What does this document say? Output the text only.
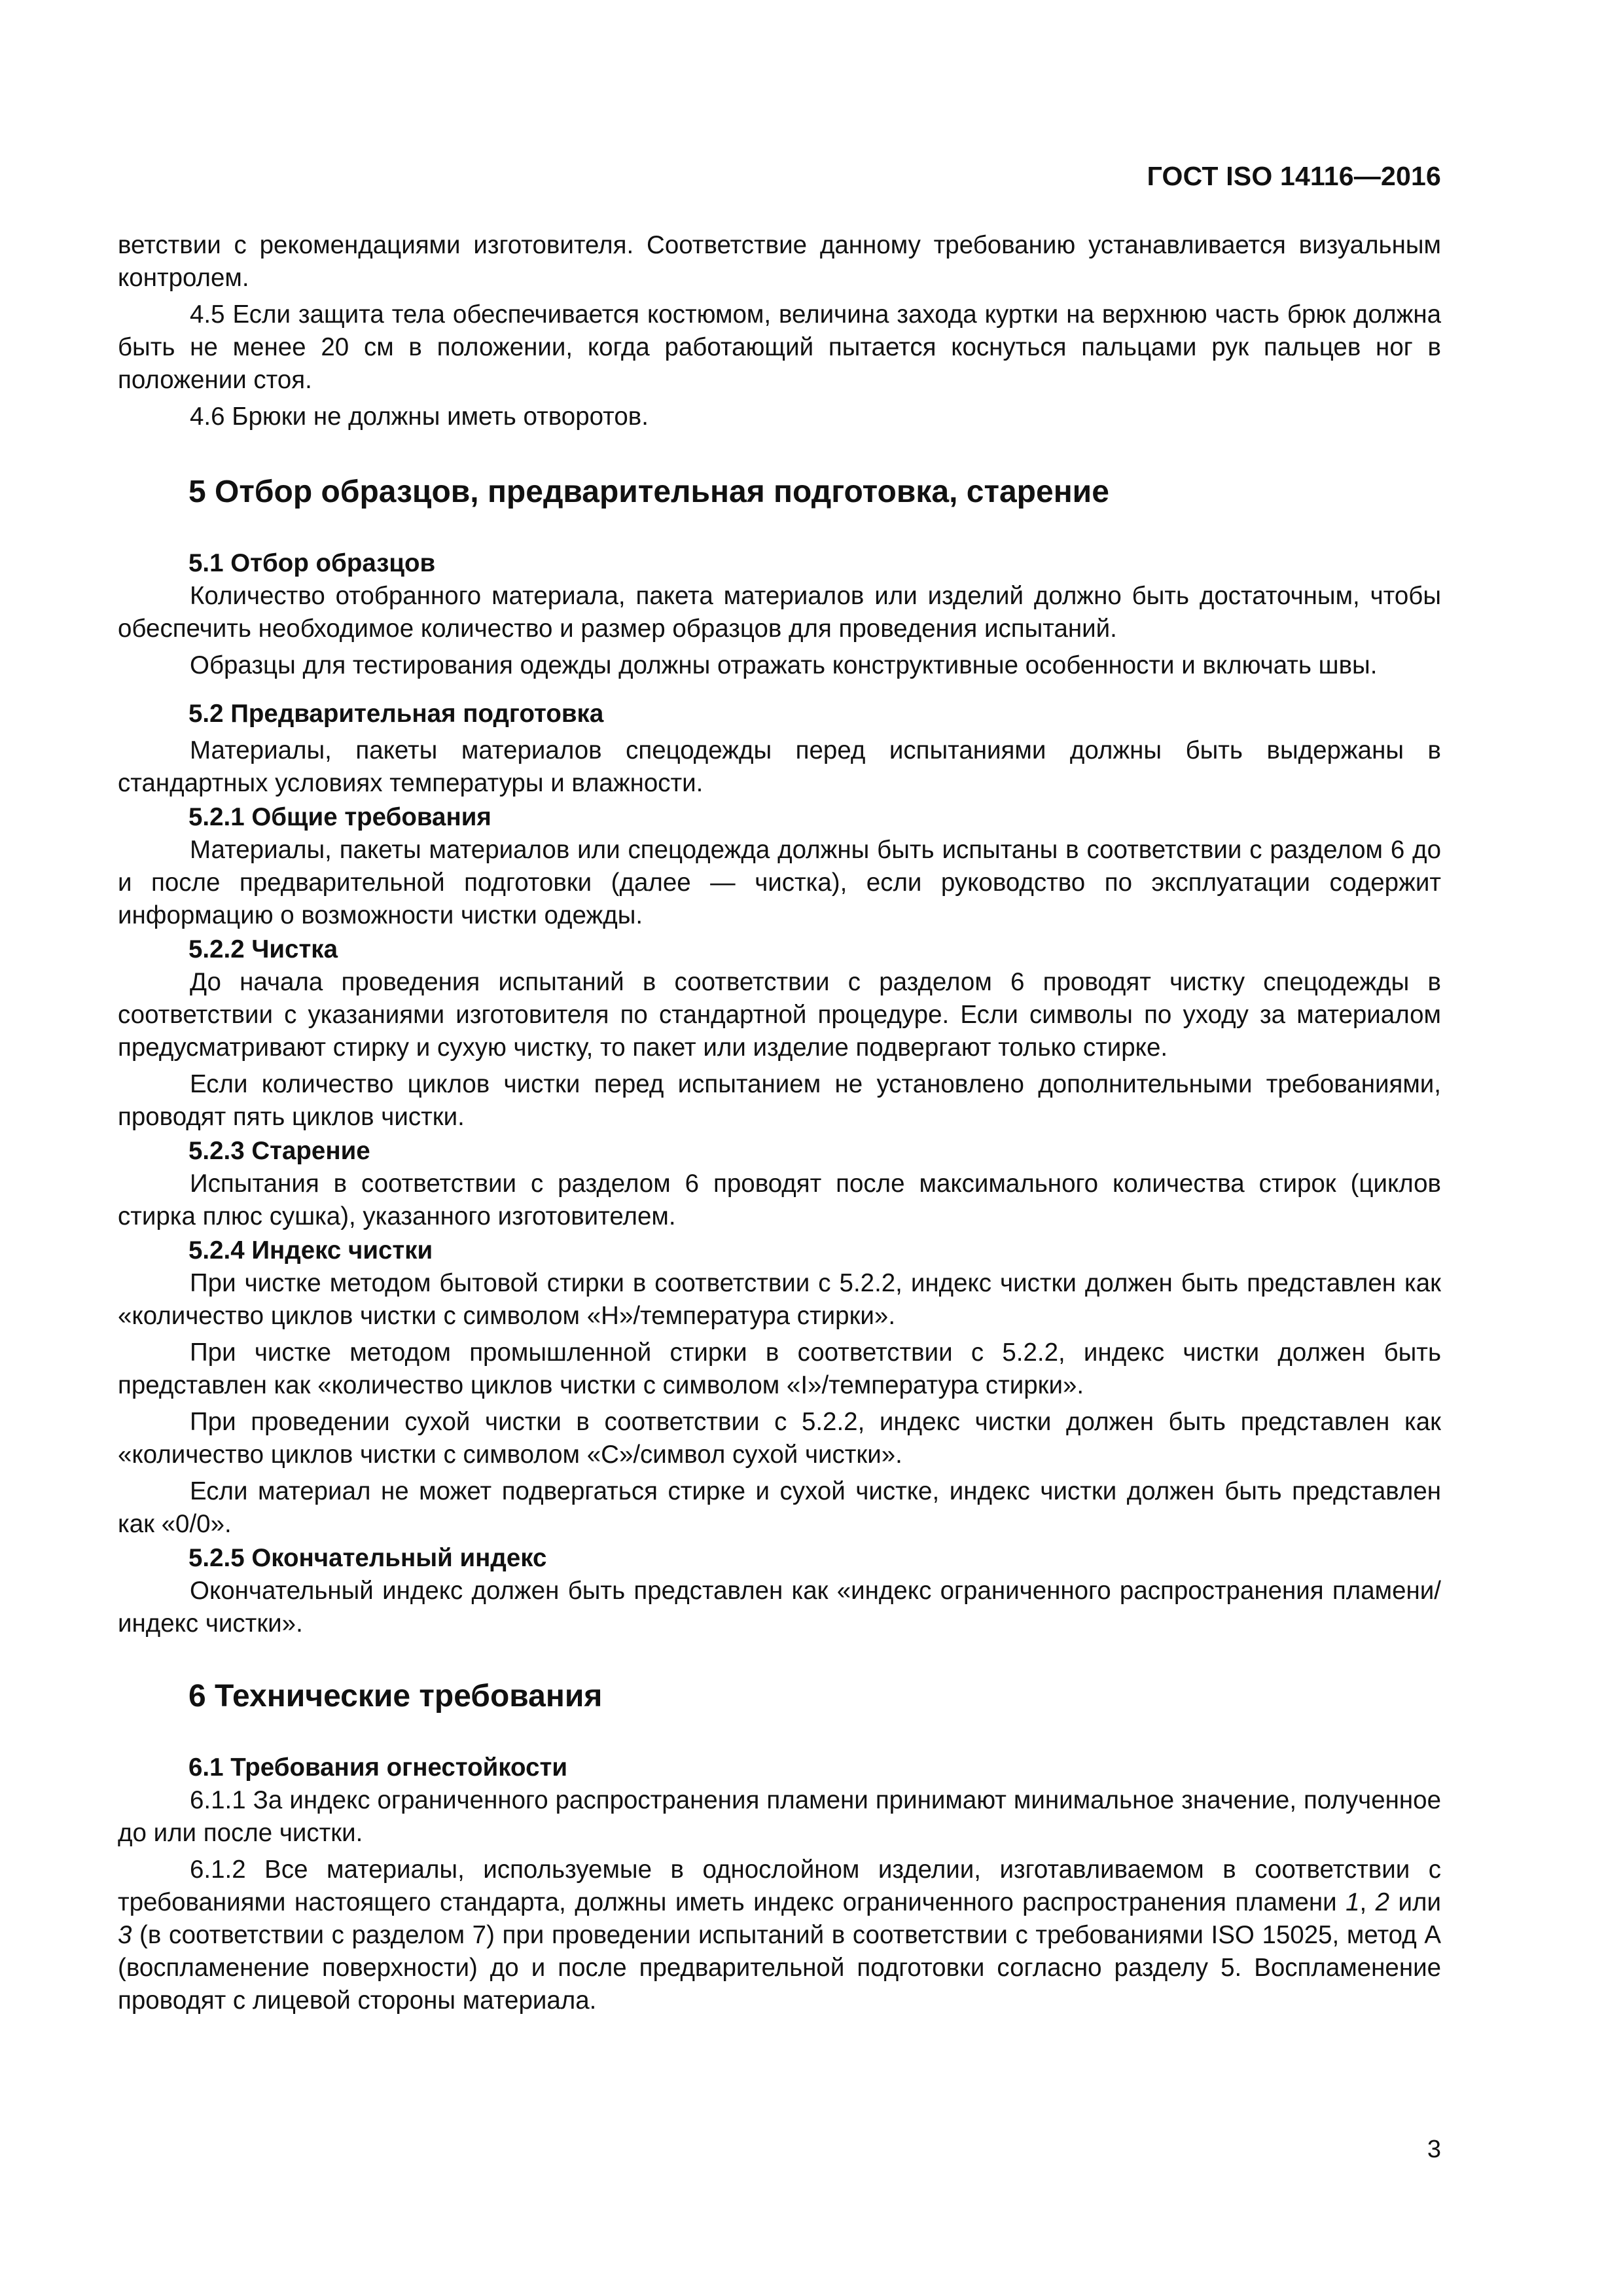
ГОСТ ISO 14116—2016

ветствии с рекомендациями изготовителя. Соответствие данному требованию устанавливается визуальным контролем.

4.5 Если защита тела обеспечивается костюмом, величина захода куртки на верхнюю часть брюк должна быть не менее 20 см в положении, когда работающий пытается коснуться пальцами рук пальцев ног в положении стоя.

4.6 Брюки не должны иметь отворотов.

5 Отбор образцов, предварительная подготовка, старение
5.1 Отбор образцов

Количество отобранного материала, пакета материалов или изделий должно быть достаточным, чтобы обеспечить необходимое количество и размер образцов для проведения испытаний.

Образцы для тестирования одежды должны отражать конструктивные особенности и включать швы.

5.2 Предварительная подготовка

Материалы, пакеты материалов спецодежды перед испытаниями должны быть выдержаны в стандартных условиях температуры и влажности.

5.2.1 Общие требования

Материалы, пакеты материалов или спецодежда должны быть испытаны в соответствии с разделом 6 до и после предварительной подготовки (далее — чистка), если руководство по эксплуатации содержит информацию о возможности чистки одежды.

5.2.2 Чистка

До начала проведения испытаний в соответствии с разделом 6 проводят чистку спецодежды в соответствии с указаниями изготовителя по стандартной процедуре. Если символы по уходу за материалом предусматривают стирку и сухую чистку, то пакет или изделие подвергают только стирке.

Если количество циклов чистки перед испытанием не установлено дополнительными требованиями, проводят пять циклов чистки.

5.2.3 Старение

Испытания в соответствии с разделом 6 проводят после максимального количества стирок (циклов стирка плюс сушка), указанного изготовителем.

5.2.4 Индекс чистки

При чистке методом бытовой стирки в соответствии с 5.2.2, индекс чистки должен быть представлен как «количество циклов чистки с символом «H»/температура стирки».

При чистке методом промышленной стирки в соответствии с 5.2.2, индекс чистки должен быть представлен как «количество циклов чистки с символом «I»/температура стирки».

При проведении сухой чистки в соответствии с 5.2.2, индекс чистки должен быть представлен как «количество циклов чистки с символом «С»/символ сухой чистки».

Если материал не может подвергаться стирке и сухой чистке, индекс чистки должен быть представлен как «0/0».

5.2.5 Окончательный индекс

Окончательный индекс должен быть представлен как «индекс ограниченного распространения пламени/индекс чистки».

6 Технические требования
6.1 Требования огнестойкости

6.1.1 За индекс ограниченного распространения пламени принимают минимальное значение, полученное до или после чистки.

6.1.2 Все материалы, используемые в однослойном изделии, изготавливаемом в соответствии с требованиями настоящего стандарта, должны иметь индекс ограниченного распространения пламени 1, 2 или 3 (в соответствии с разделом 7) при проведении испытаний в соответствии с требованиями ISO 15025, метод А (воспламенение поверхности) до и после предварительной подготовки согласно разделу 5. Воспламенение проводят с лицевой стороны материала.

3
